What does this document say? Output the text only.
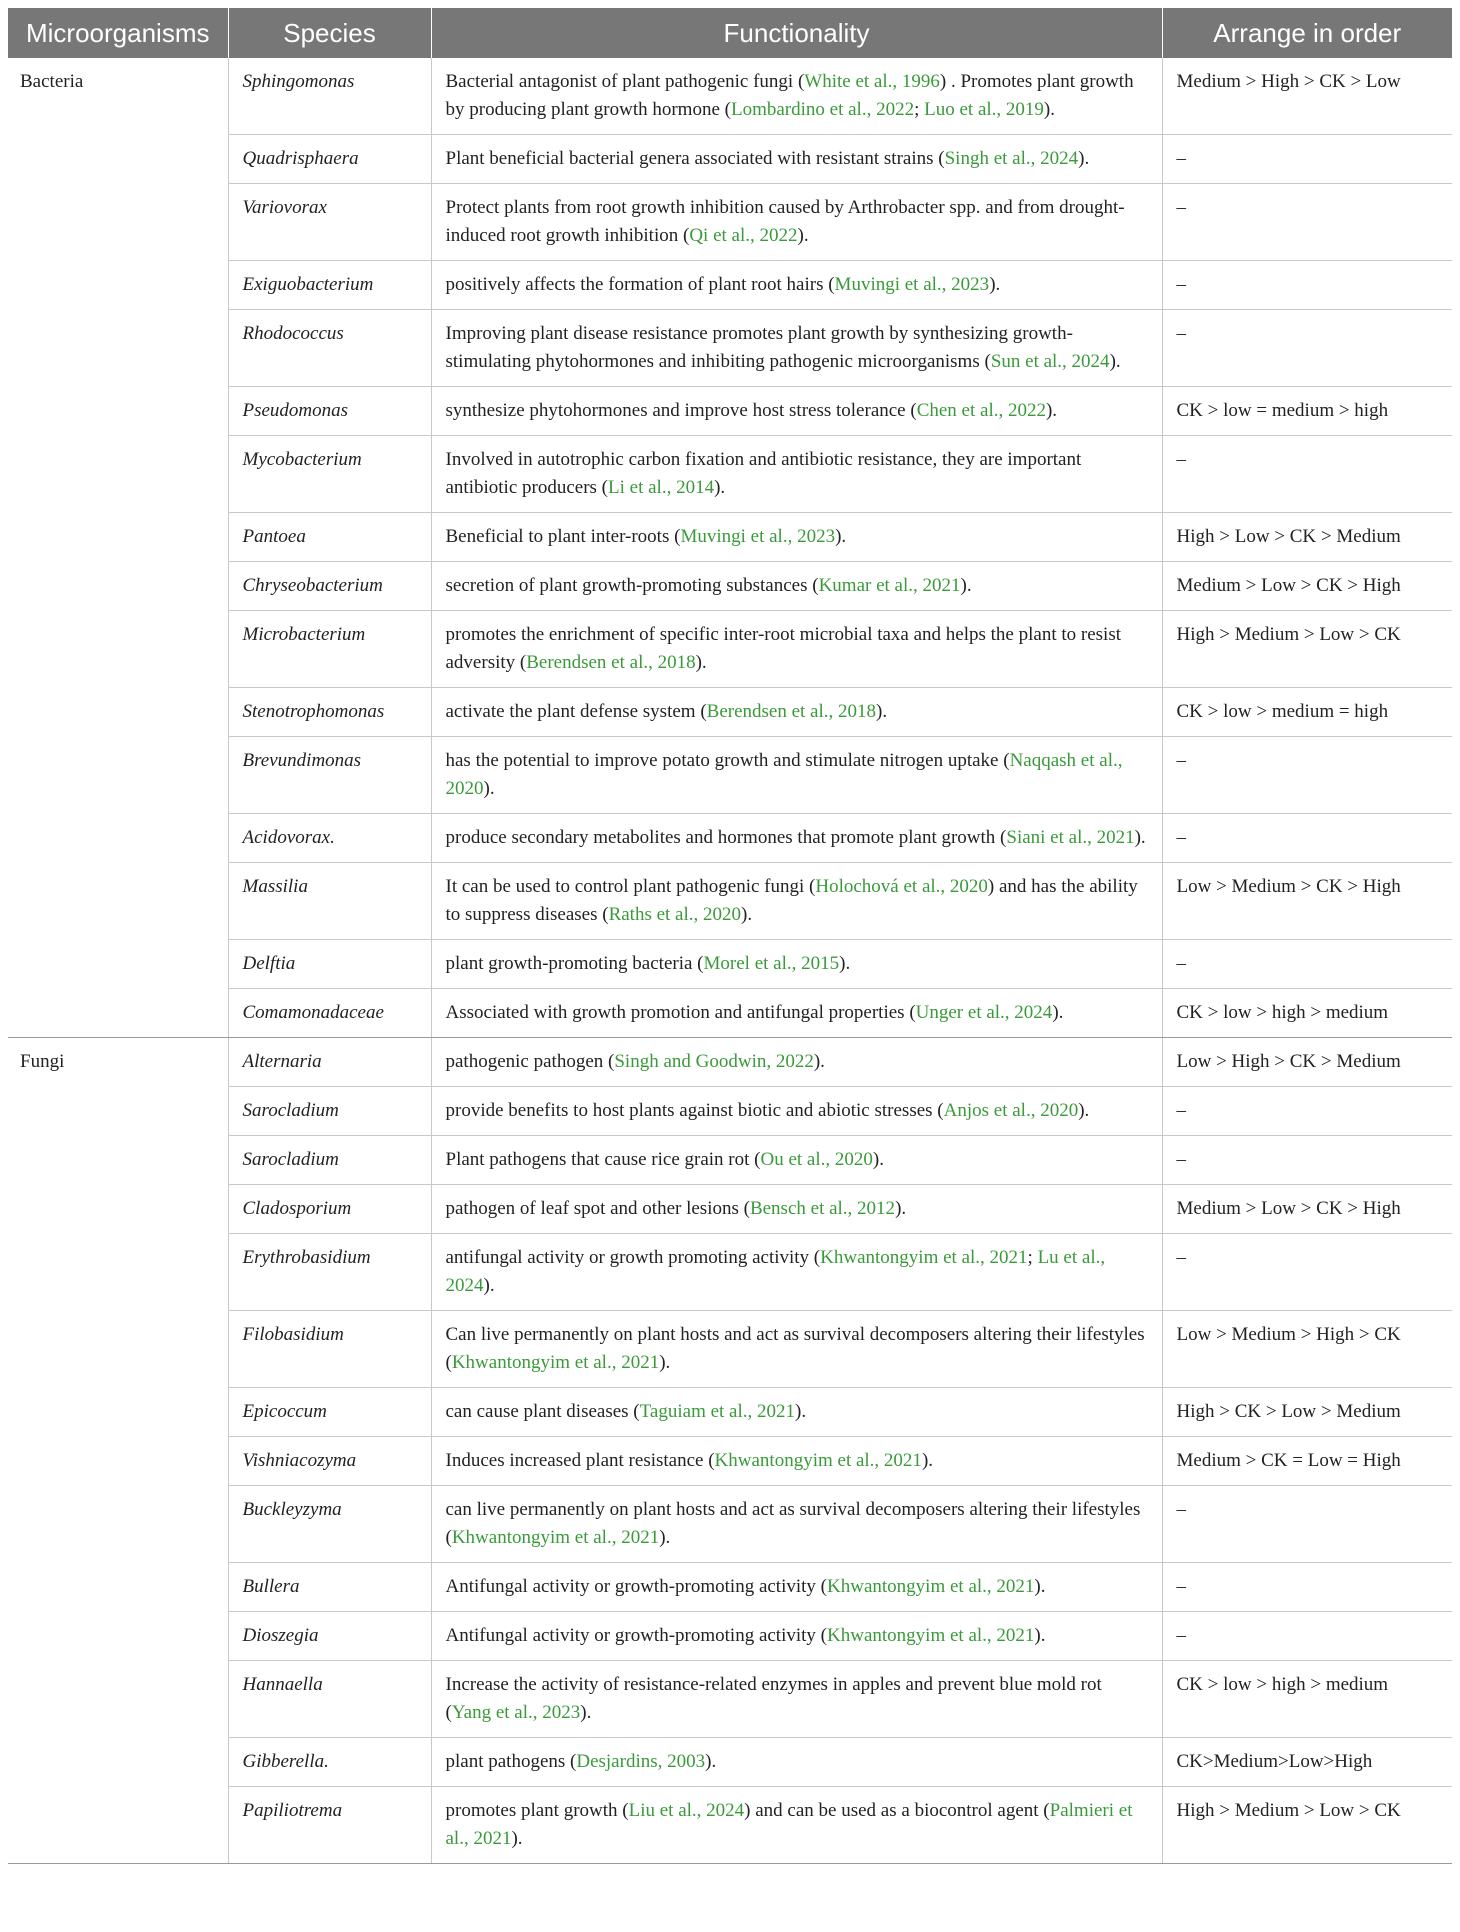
Microorganisms	Species	Functionality	Arrange in order
Bacteria	Sphingomonas	Bacterial antagonist of plant pathogenic fungi (White et al., 1996) . Promotes plant growth by producing plant growth hormone (Lombardino et al., 2022; Luo et al., 2019).	Medium > High > CK > Low
	Quadrisphaera	Plant beneficial bacterial genera associated with resistant strains (Singh et al., 2024).	–
	Variovorax	Protect plants from root growth inhibition caused by Arthrobacter spp. and from drought-induced root growth inhibition (Qi et al., 2022).	–
	Exiguobacterium	positively affects the formation of plant root hairs (Muvingi et al., 2023).	–
	Rhodococcus	Improving plant disease resistance promotes plant growth by synthesizing growth-stimulating phytohormones and inhibiting pathogenic microorganisms (Sun et al., 2024).	–
	Pseudomonas	synthesize phytohormones and improve host stress tolerance (Chen et al., 2022).	CK > low = medium > high
	Mycobacterium	Involved in autotrophic carbon fixation and antibiotic resistance, they are important antibiotic producers (Li et al., 2014).	–
	Pantoea	Beneficial to plant inter-roots (Muvingi et al., 2023).	High > Low > CK > Medium
	Chryseobacterium	secretion of plant growth-promoting substances (Kumar et al., 2021).	Medium > Low > CK > High
	Microbacterium	promotes the enrichment of specific inter-root microbial taxa and helps the plant to resist adversity (Berendsen et al., 2018).	High > Medium > Low > CK
	Stenotrophomonas	activate the plant defense system (Berendsen et al., 2018).	CK > low > medium = high
	Brevundimonas	has the potential to improve potato growth and stimulate nitrogen uptake (Naqqash et al., 2020).	–
	Acidovorax.	produce secondary metabolites and hormones that promote plant growth (Siani et al., 2021).	–
	Massilia	It can be used to control plant pathogenic fungi (Holochová et al., 2020) and has the ability to suppress diseases (Raths et al., 2020).	Low > Medium > CK > High
	Delftia	plant growth-promoting bacteria (Morel et al., 2015).	–
	Comamonadaceae	Associated with growth promotion and antifungal properties (Unger et al., 2024).	CK > low > high > medium
Fungi	Alternaria	pathogenic pathogen (Singh and Goodwin, 2022).	Low > High > CK > Medium
	Sarocladium	provide benefits to host plants against biotic and abiotic stresses (Anjos et al., 2020).	–
	Sarocladium	Plant pathogens that cause rice grain rot (Ou et al., 2020).	–
	Cladosporium	pathogen of leaf spot and other lesions (Bensch et al., 2012).	Medium > Low > CK > High
	Erythrobasidium	antifungal activity or growth promoting activity (Khwantongyim et al., 2021; Lu et al., 2024).	–
	Filobasidium	Can live permanently on plant hosts and act as survival decomposers altering their lifestyles (Khwantongyim et al., 2021).	Low > Medium > High > CK
	Epicoccum	can cause plant diseases (Taguiam et al., 2021).	High > CK > Low > Medium
	Vishniacozyma	Induces increased plant resistance (Khwantongyim et al., 2021).	Medium > CK = Low = High
	Buckleyzyma	can live permanently on plant hosts and act as survival decomposers altering their lifestyles (Khwantongyim et al., 2021).	–
	Bullera	Antifungal activity or growth-promoting activity (Khwantongyim et al., 2021).	–
	Dioszegia	Antifungal activity or growth-promoting activity (Khwantongyim et al., 2021).	–
	Hannaella	Increase the activity of resistance-related enzymes in apples and prevent blue mold rot (Yang et al., 2023).	CK > low > high > medium
	Gibberella.	plant pathogens (Desjardins, 2003).	CK>Medium>Low>High
	Papiliotrema	promotes plant growth (Liu et al., 2024) and can be used as a biocontrol agent (Palmieri et al., 2021).	High > Medium > Low > CK
